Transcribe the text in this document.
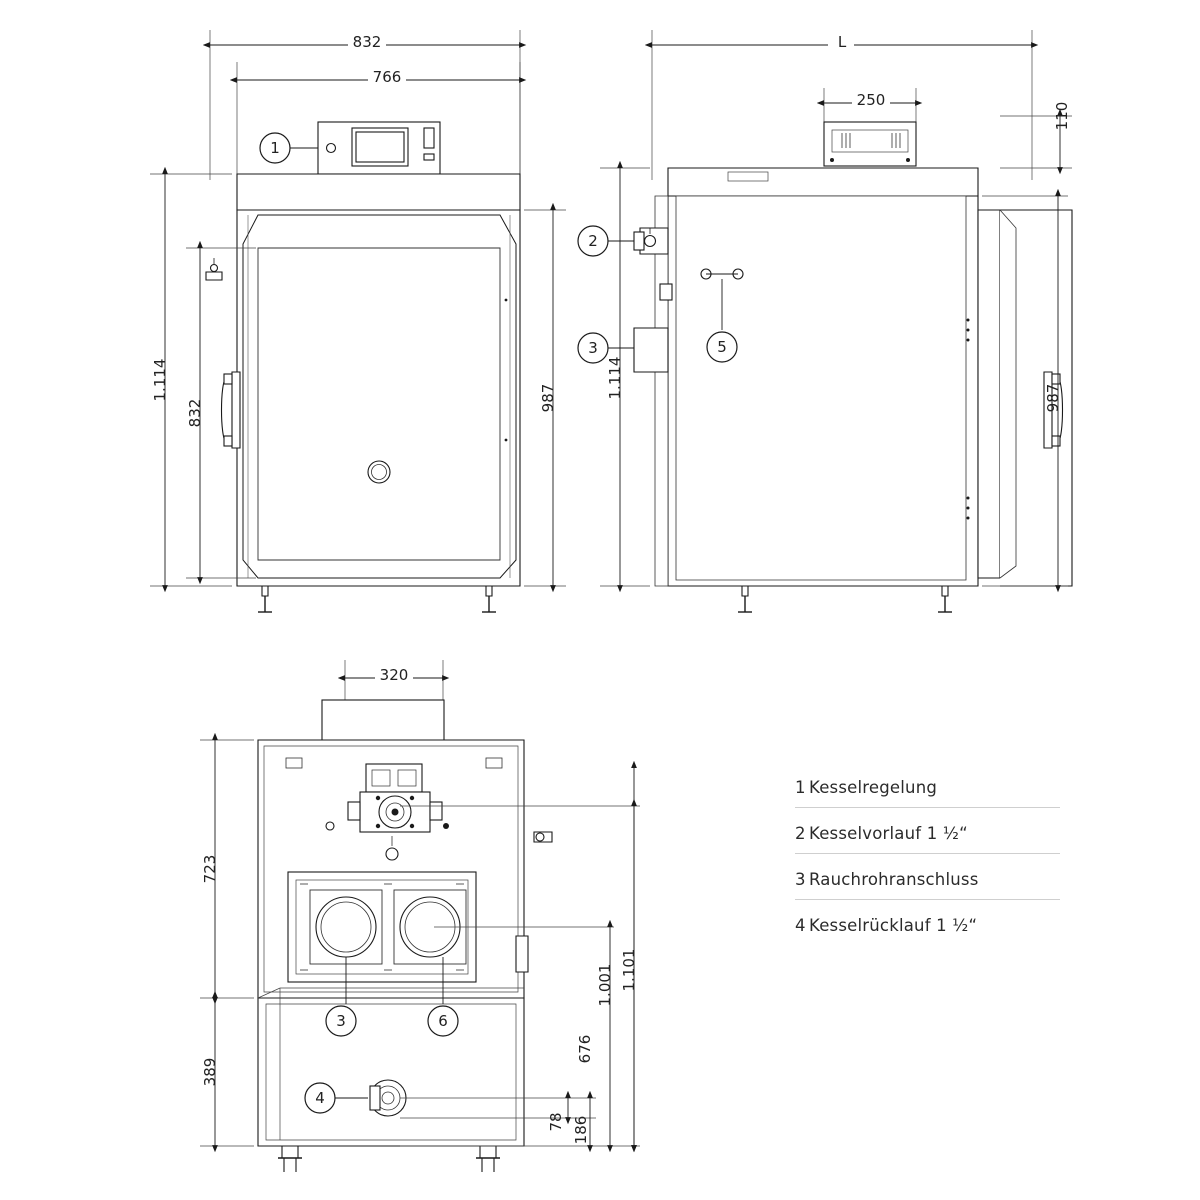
832
766
1.114
832
987
1
L
250
110
1.114	987
2
3	5
320
723
389
1.101
1.001
676
78 186
3	6
4
1 Kesselregelung
2 Kesselvorlauf 1 ½“
3 Rauchrohranschluss
4 Kesselrücklauf 1 ½“
